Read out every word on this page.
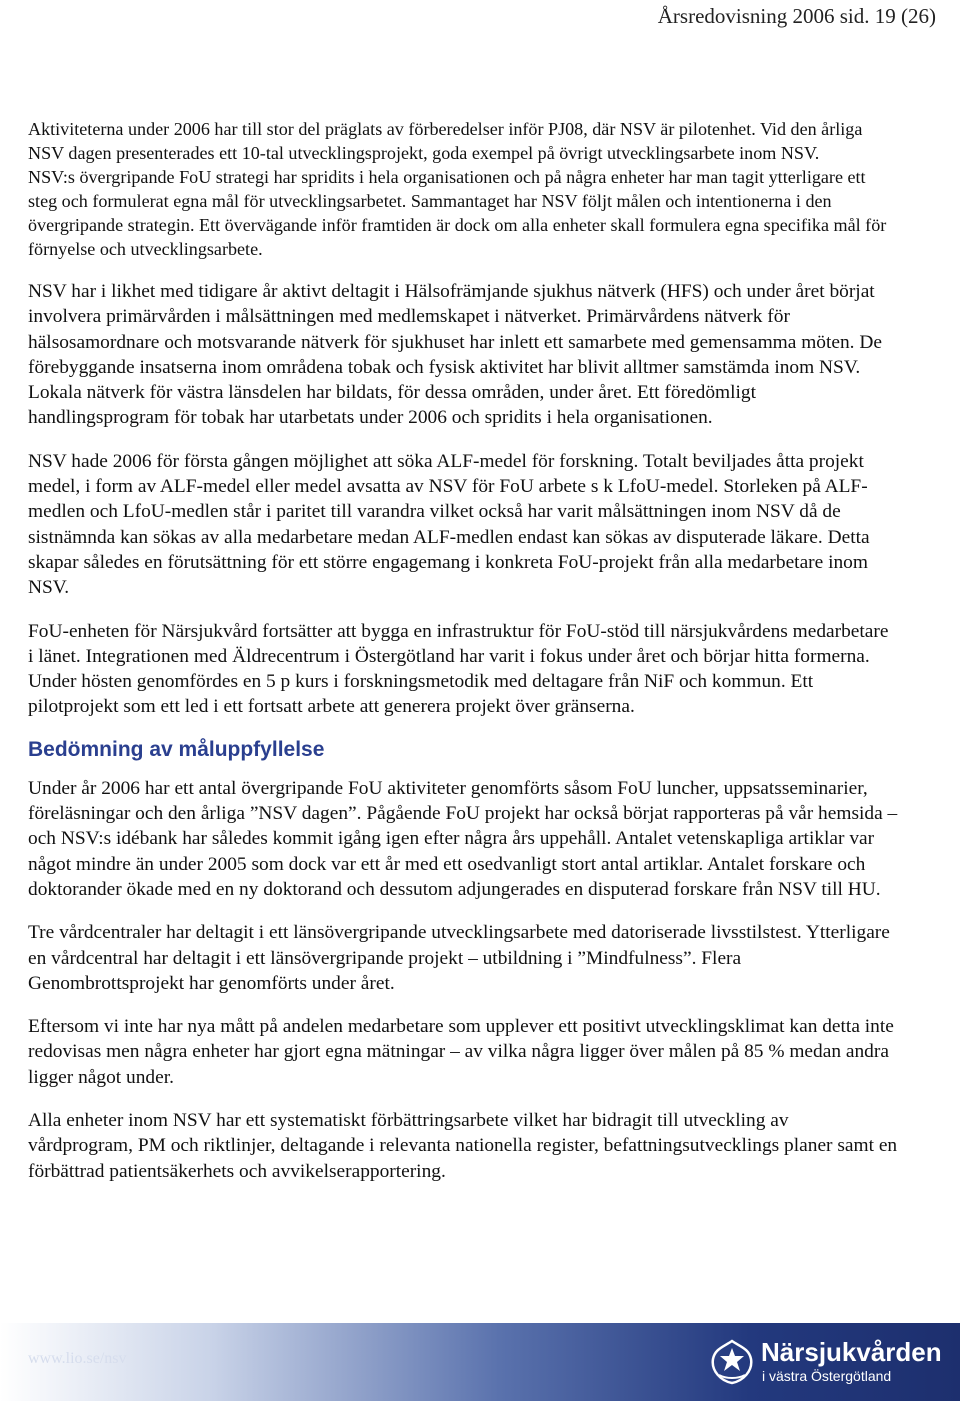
Årsredovisning 2006 sid. 19 (26)

Aktiviteterna under 2006 har till stor del präglats av förberedelser inför PJ08, där NSV är pilotenhet. Vid den årliga NSV dagen presenterades ett 10-tal utvecklingsprojekt, goda exempel på övrigt utvecklingsarbete inom NSV.

NSV:s övergripande FoU strategi har spridits i hela organisationen och på några enheter har man tagit ytterligare ett steg och formulerat egna mål för utvecklingsarbetet. Sammantaget har NSV följt målen och intentionerna i den övergripande strategin. Ett övervägande inför framtiden är dock om alla enheter skall formulera egna specifika mål för förnyelse och utvecklingsarbete.

NSV har i likhet med tidigare år aktivt deltagit i Hälsofrämjande sjukhus nätverk (HFS) och under året börjat involvera primärvården i målsättningen med medlemskapet i nätverket. Primärvårdens nätverk för hälsosamordnare och motsvarande nätverk för sjukhuset har inlett ett samarbete med gemensamma möten. De förebyggande insatserna inom områdena tobak och fysisk aktivitet har blivit alltmer samstämda inom NSV. Lokala nätverk för västra länsdelen har bildats, för dessa områden, under året. Ett föredömligt handlingsprogram för tobak har utarbetats under 2006 och spridits i hela organisationen.

NSV hade 2006 för första gången möjlighet att söka ALF-medel för forskning. Totalt beviljades åtta projekt medel, i form av ALF-medel eller medel avsatta av NSV för FoU arbete s k LfoU-medel. Storleken på ALF-medlen och LfoU-medlen står i paritet till varandra vilket också har varit målsättningen inom NSV då de sistnämnda kan sökas av alla medarbetare medan ALF-medlen endast kan sökas av disputerade läkare. Detta skapar således en förutsättning för ett större engagemang i konkreta FoU-projekt från alla medarbetare inom NSV.

FoU-enheten för Närsjukvård fortsätter att bygga en infrastruktur för FoU-stöd till närsjukvårdens medarbetare i länet. Integrationen med Äldrecentrum i Östergötland har varit i fokus under året och börjar hitta formerna. Under hösten genomfördes en 5 p kurs i forskningsmetodik med deltagare från NiF och kommun. Ett pilotprojekt som ett led i ett fortsatt arbete att generera projekt över gränserna.

Bedömning av måluppfyllelse

Under år 2006 har ett antal övergripande FoU aktiviteter genomförts såsom FoU luncher, uppsatsseminarier, föreläsningar och den årliga ”NSV dagen”. Pågående FoU projekt har också börjat rapporteras på vår hemsida – och NSV:s idébank har således kommit igång igen efter några års uppehåll. Antalet vetenskapliga artiklar var något mindre än under 2005 som dock var ett år med ett osedvanligt stort antal artiklar. Antalet forskare och doktorander ökade med en ny doktorand och dessutom adjungerades en disputerad forskare från NSV till HU.

Tre vårdcentraler har deltagit i ett länsövergripande utvecklingsarbete med datoriserade livsstilstest. Ytterligare en vårdcentral har deltagit i ett länsövergripande projekt – utbildning i ”Mindfulness”. Flera Genombrottsprojekt har genomförts under året.

Eftersom vi inte har nya mått på andelen medarbetare som upplever ett positivt utvecklingsklimat kan detta inte redovisas men några enheter har gjort egna mätningar – av vilka några ligger över målen på 85 % medan andra ligger något under.

Alla enheter inom NSV har ett systematiskt förbättringsarbete vilket har bidragit till utveckling av vårdprogram, PM och riktlinjer, deltagande i relevanta nationella register, befattningsutvecklings planer samt en förbättrad patientsäkerhets och avvikelserapportering.

www.lio.se/nsv	Närsjukvården
i västra Östergötland
